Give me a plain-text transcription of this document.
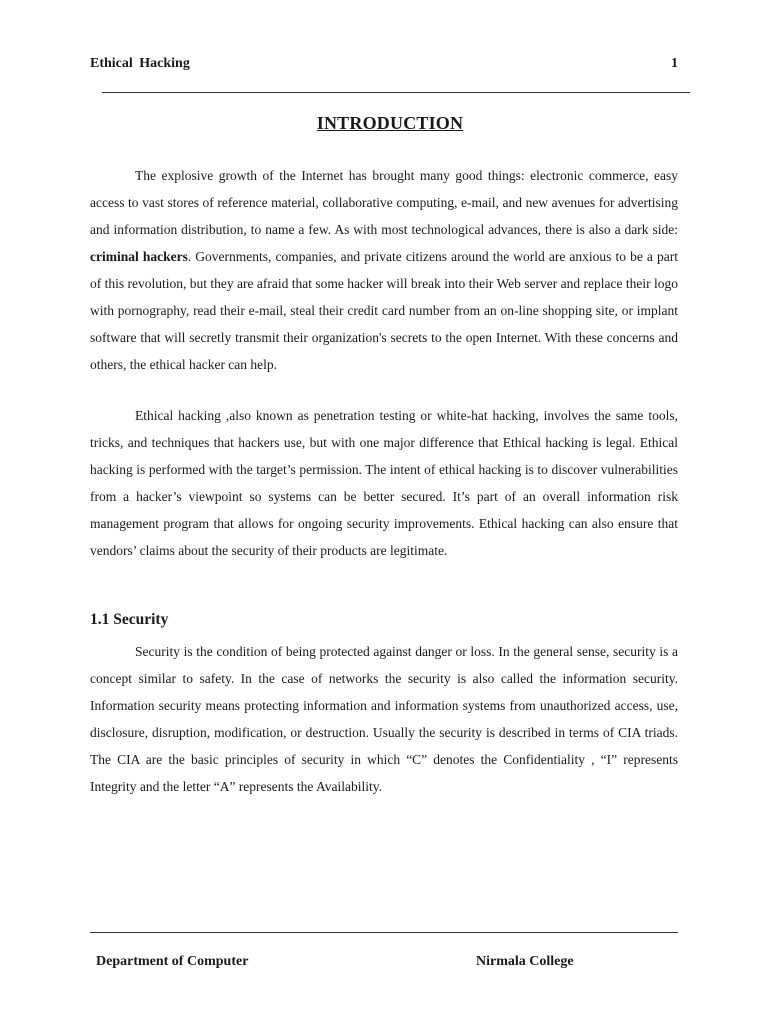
Ethical Hacking	1
INTRODUCTION

The explosive growth of the Internet has brought many good things: electronic commerce, easy access to vast stores of reference material, collaborative computing, e-mail, and new avenues for advertising and information distribution, to name a few. As with most technological advances, there is also a dark side: criminal hackers. Governments, companies, and private citizens around the world are anxious to be a part of this revolution, but they are afraid that some hacker will break into their Web server and replace their logo with pornography, read their e-mail, steal their credit card number from an on-line shopping site, or implant software that will secretly transmit their organization's secrets to the open Internet. With these concerns and others, the ethical hacker can help.

Ethical hacking ,also known as penetration testing or white-hat hacking, involves the same tools, tricks, and techniques that hackers use, but with one major difference that Ethical hacking is legal. Ethical hacking is performed with the target’s permission. The intent of ethical hacking is to discover vulnerabilities from a hacker’s viewpoint so systems can be better secured. It’s part of an overall information risk management program that allows for ongoing security improvements. Ethical hacking can also ensure that vendors’ claims about the security of their products are legitimate.

1.1 Security

Security is the condition of being protected against danger or loss. In the general sense, security is a concept similar to safety. In the case of networks the security is also called the information security. Information security means protecting information and information systems from unauthorized access, use, disclosure, disruption, modification, or destruction. Usually the security is described in terms of CIA triads. The CIA are the basic principles of security in which “C” denotes the Confidentiality , “I” represents Integrity and the letter “A” represents the Availability.

Department of Computer	Nirmala College
